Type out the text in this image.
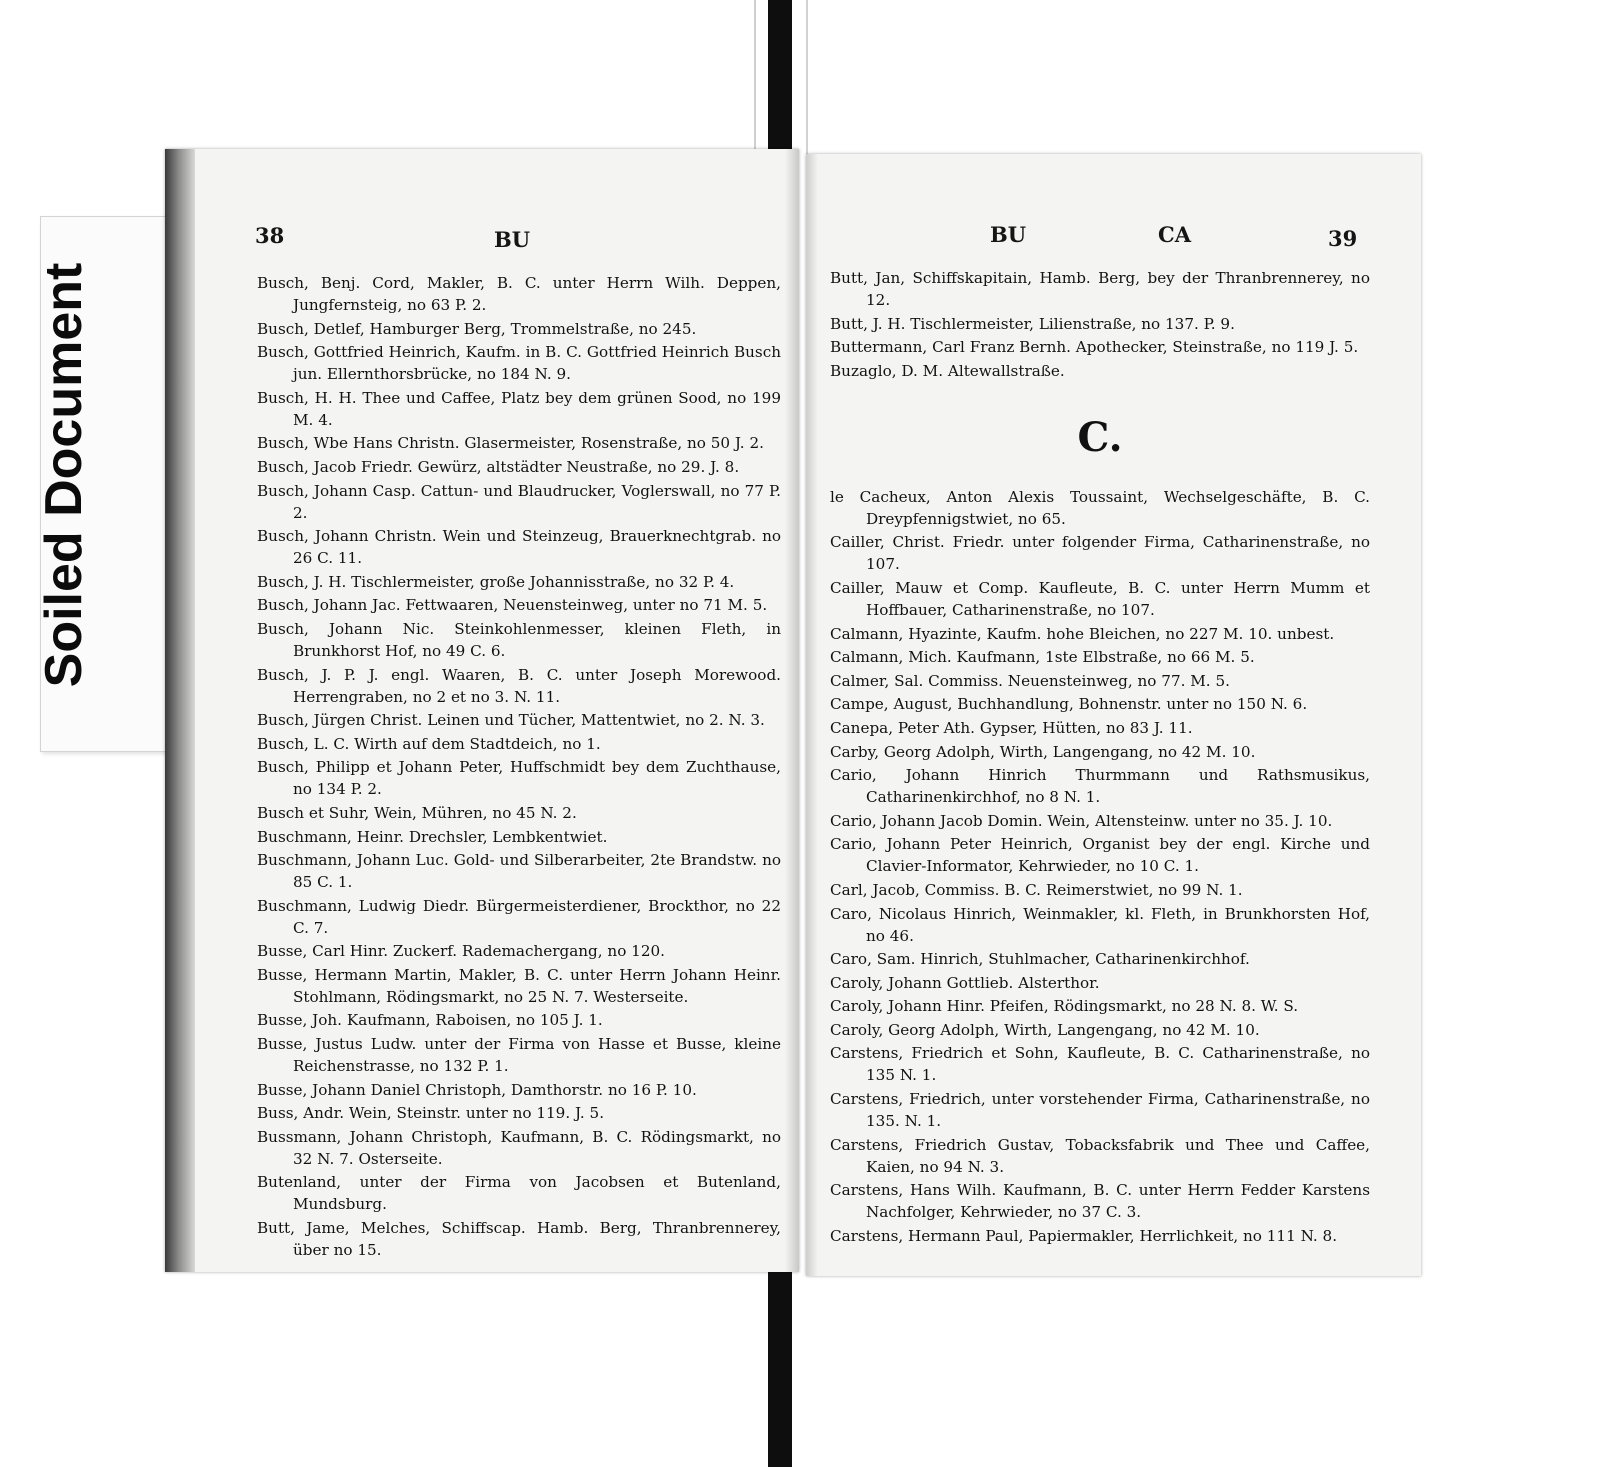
Soiled Document
38	BU

Busch, Benj. Cord, Makler, B. C. unter Herrn Wilh. Deppen, Jungfernsteig, no 63 P. 2.

Busch, Detlef, Hamburger Berg, Trommelstraße, no 245.

Busch, Gottfried Heinrich, Kaufm. in B. C. Gottfried Heinrich Busch jun. Ellernthorsbrücke, no 184 N. 9.

Busch, H. H. Thee und Caffee, Platz bey dem grünen Sood, no 199 M. 4.

Busch, Wbe Hans Christn. Glasermeister, Rosenstraße, no 50 J. 2.

Busch, Jacob Friedr. Gewürz, altstädter Neustraße, no 29. J. 8.

Busch, Johann Casp. Cattun- und Blaudrucker, Voglerswall, no 77 P. 2.

Busch, Johann Christn. Wein und Steinzeug, Brauerknechtgrab. no 26 C. 11.

Busch, J. H. Tischlermeister, große Johannisstraße, no 32 P. 4.

Busch, Johann Jac. Fettwaaren, Neuensteinweg, unter no 71 M. 5.

Busch, Johann Nic. Steinkohlenmesser, kleinen Fleth, in Brunkhorst Hof, no 49 C. 6.

Busch, J. P. J. engl. Waaren, B. C. unter Joseph Morewood. Herrengraben, no 2 et no 3. N. 11.

Busch, Jürgen Christ. Leinen und Tücher, Mattentwiet, no 2. N. 3.

Busch, L. C. Wirth auf dem Stadtdeich, no 1.

Busch, Philipp et Johann Peter, Huffschmidt bey dem Zuchthause, no 134 P. 2.

Busch et Suhr, Wein, Mühren, no 45 N. 2.

Buschmann, Heinr. Drechsler, Lembkentwiet.

Buschmann, Johann Luc. Gold- und Silberarbeiter, 2te Brandstw. no 85 C. 1.

Buschmann, Ludwig Diedr. Bürgermeisterdiener, Brockthor, no 22 C. 7.

Busse, Carl Hinr. Zuckerf. Rademachergang, no 120.

Busse, Hermann Martin, Makler, B. C. unter Herrn Johann Heinr. Stohlmann, Rödingsmarkt, no 25 N. 7. Westerseite.

Busse, Joh. Kaufmann, Raboisen, no 105 J. 1.

Busse, Justus Ludw. unter der Firma von Hasse et Busse, kleine Reichenstrasse, no 132 P. 1.

Busse, Johann Daniel Christoph, Damthorstr. no 16 P. 10.

Buss, Andr. Wein, Steinstr. unter no 119. J. 5.

Bussmann, Johann Christoph, Kaufmann, B. C. Rödingsmarkt, no 32 N. 7. Osterseite.

Butenland, unter der Firma von Jacobsen et Butenland, Mundsburg.

Butt, Jame, Melches, Schiffscap. Hamb. Berg, Thranbrennerey, über no 15.

BU	CA	39

Butt, Jan, Schiffskapitain, Hamb. Berg, bey der Thranbrennerey, no 12.

Butt, J. H. Tischlermeister, Lilienstraße, no 137. P. 9.

Buttermann, Carl Franz Bernh. Apothecker, Steinstraße, no 119 J. 5.

Buzaglo, D. M. Altewallstraße.

C.

le Cacheux, Anton Alexis Toussaint, Wechselgeschäfte, B. C. Dreypfennigstwiet, no 65.

Cailler, Christ. Friedr. unter folgender Firma, Catharinenstraße, no 107.

Cailler, Mauw et Comp. Kaufleute, B. C. unter Herrn Mumm et Hoffbauer, Catharinenstraße, no 107.

Calmann, Hyazinte, Kaufm. hohe Bleichen, no 227 M. 10. unbest.

Calmann, Mich. Kaufmann, 1ste Elbstraße, no 66 M. 5.

Calmer, Sal. Commiss. Neuensteinweg, no 77. M. 5.

Campe, August, Buchhandlung, Bohnenstr. unter no 150 N. 6.

Canepa, Peter Ath. Gypser, Hütten, no 83 J. 11.

Carby, Georg Adolph, Wirth, Langengang, no 42 M. 10.

Cario, Johann Hinrich Thurmmann und Rathsmusikus, Catharinenkirchhof, no 8 N. 1.

Cario, Johann Jacob Domin. Wein, Altensteinw. unter no 35. J. 10.

Cario, Johann Peter Heinrich, Organist bey der engl. Kirche und Clavier-Informator, Kehrwieder, no 10 C. 1.

Carl, Jacob, Commiss. B. C. Reimerstwiet, no 99 N. 1.

Caro, Nicolaus Hinrich, Weinmakler, kl. Fleth, in Brunkhorsten Hof, no 46.

Caro, Sam. Hinrich, Stuhlmacher, Catharinenkirchhof.

Caroly, Johann Gottlieb. Alsterthor.

Caroly, Johann Hinr. Pfeifen, Rödingsmarkt, no 28 N. 8. W. S.

Caroly, Georg Adolph, Wirth, Langengang, no 42 M. 10.

Carstens, Friedrich et Sohn, Kaufleute, B. C. Catharinenstraße, no 135 N. 1.

Carstens, Friedrich, unter vorstehender Firma, Catharinenstraße, no 135. N. 1.

Carstens, Friedrich Gustav, Tobacksfabrik und Thee und Caffee, Kaien, no 94 N. 3.

Carstens, Hans Wilh. Kaufmann, B. C. unter Herrn Fedder Karstens Nachfolger, Kehrwieder, no 37 C. 3.

Carstens, Hermann Paul, Papiermakler, Herrlichkeit, no 111 N. 8.
